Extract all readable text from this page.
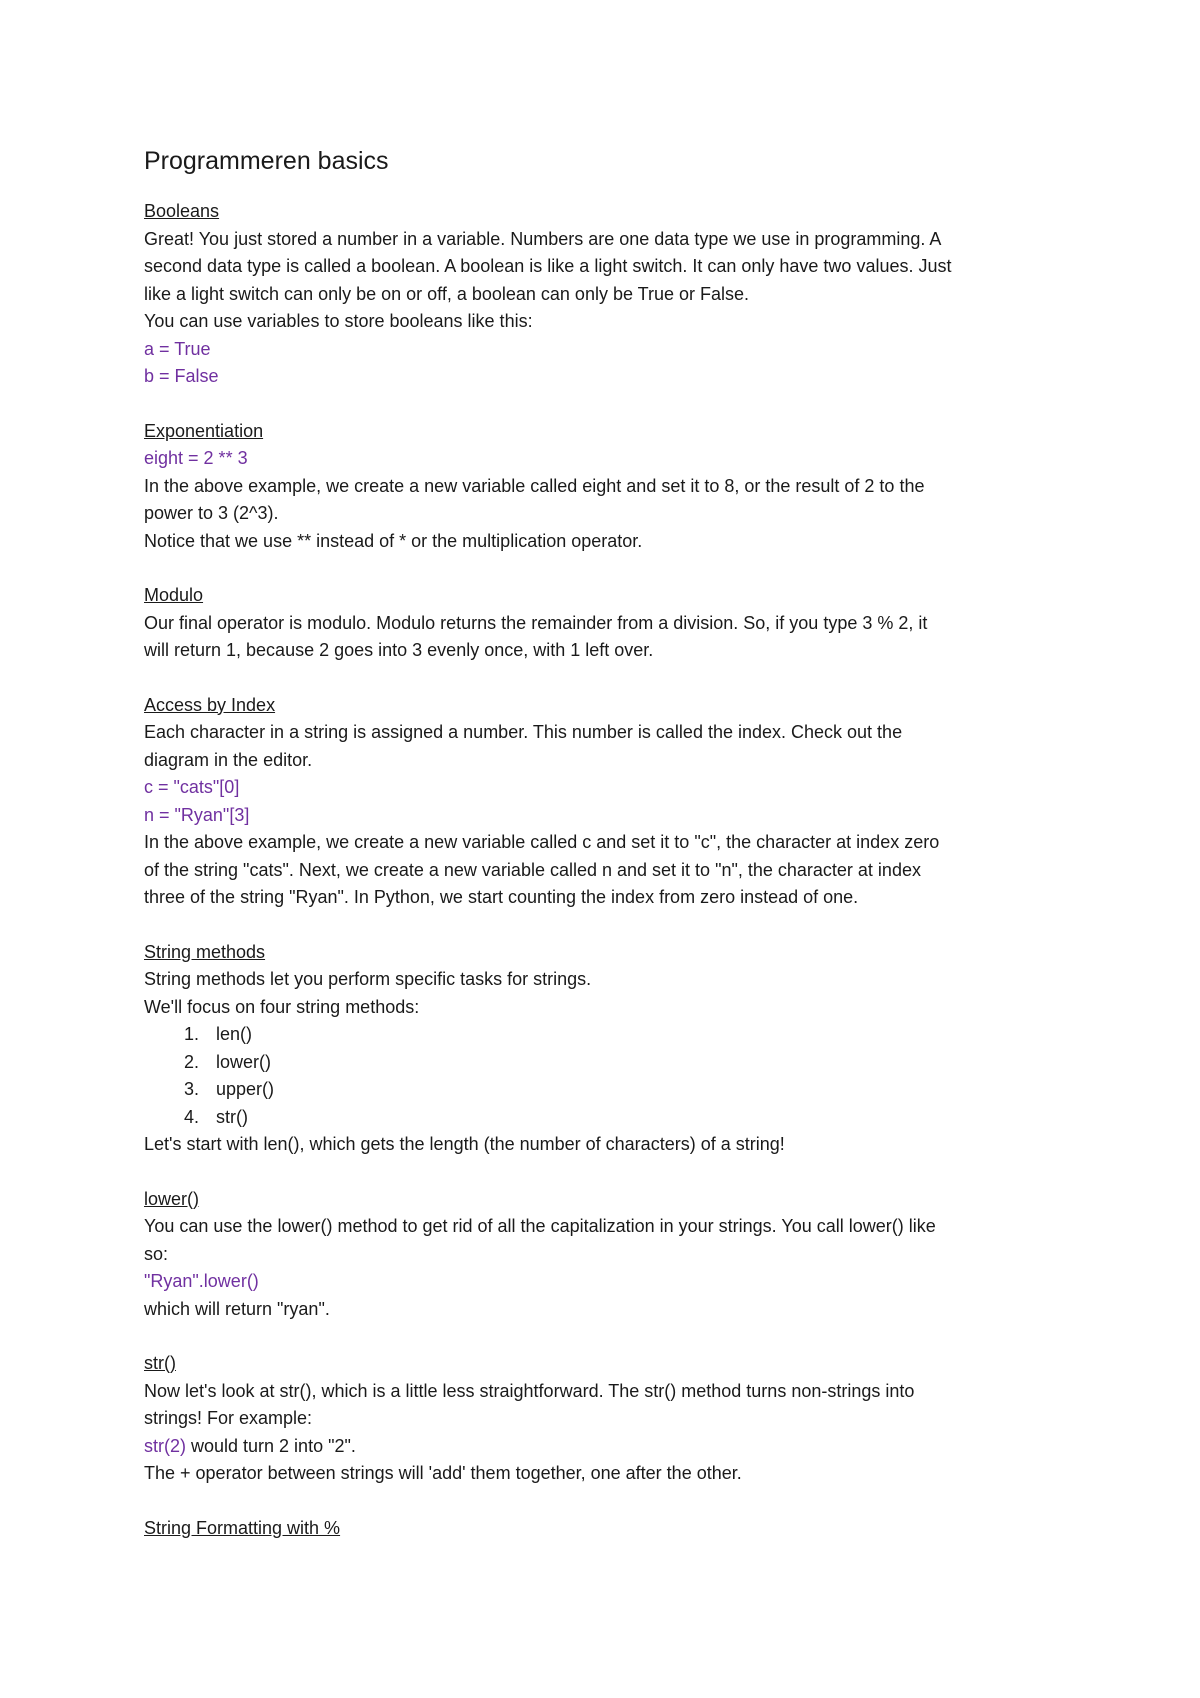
Programmeren basics
Booleans
Great! You just stored a number in a variable. Numbers are one data type we use in programming. A
second data type is called a boolean. A boolean is like a light switch. It can only have two values. Just
like a light switch can only be on or off, a boolean can only be True or False.
You can use variables to store booleans like this:
a = True
b = False
Exponentiation
eight = 2 ** 3
In the above example, we create a new variable called eight and set it to 8, or the result of 2 to the
power to 3 (2^3).
Notice that we use ** instead of * or the multiplication operator.
Modulo
Our final operator is modulo. Modulo returns the remainder from a division. So, if you type 3 % 2, it
will return 1, because 2 goes into 3 evenly once, with 1 left over.
Access by Index
Each character in a string is assigned a number. This number is called the index. Check out the
diagram in the editor.
c = "cats"[0]
n = "Ryan"[3]
In the above example, we create a new variable called c and set it to "c", the character at index zero
of the string "cats". Next, we create a new variable called n and set it to "n", the character at index
three of the string "Ryan". In Python, we start counting the index from zero instead of one.
String methods
String methods let you perform specific tasks for strings.
We'll focus on four string methods:
1. len()
2. lower()
3. upper()
4. str()
Let's start with len(), which gets the length (the number of characters) of a string!
lower()
You can use the lower() method to get rid of all the capitalization in your strings. You call lower() like
so:
"Ryan".lower()
which will return "ryan".
str()
Now let's look at str(), which is a little less straightforward. The str() method turns non-strings into
strings! For example:
str(2) would turn 2 into "2".
The + operator between strings will 'add' them together, one after the other.
String Formatting with %
